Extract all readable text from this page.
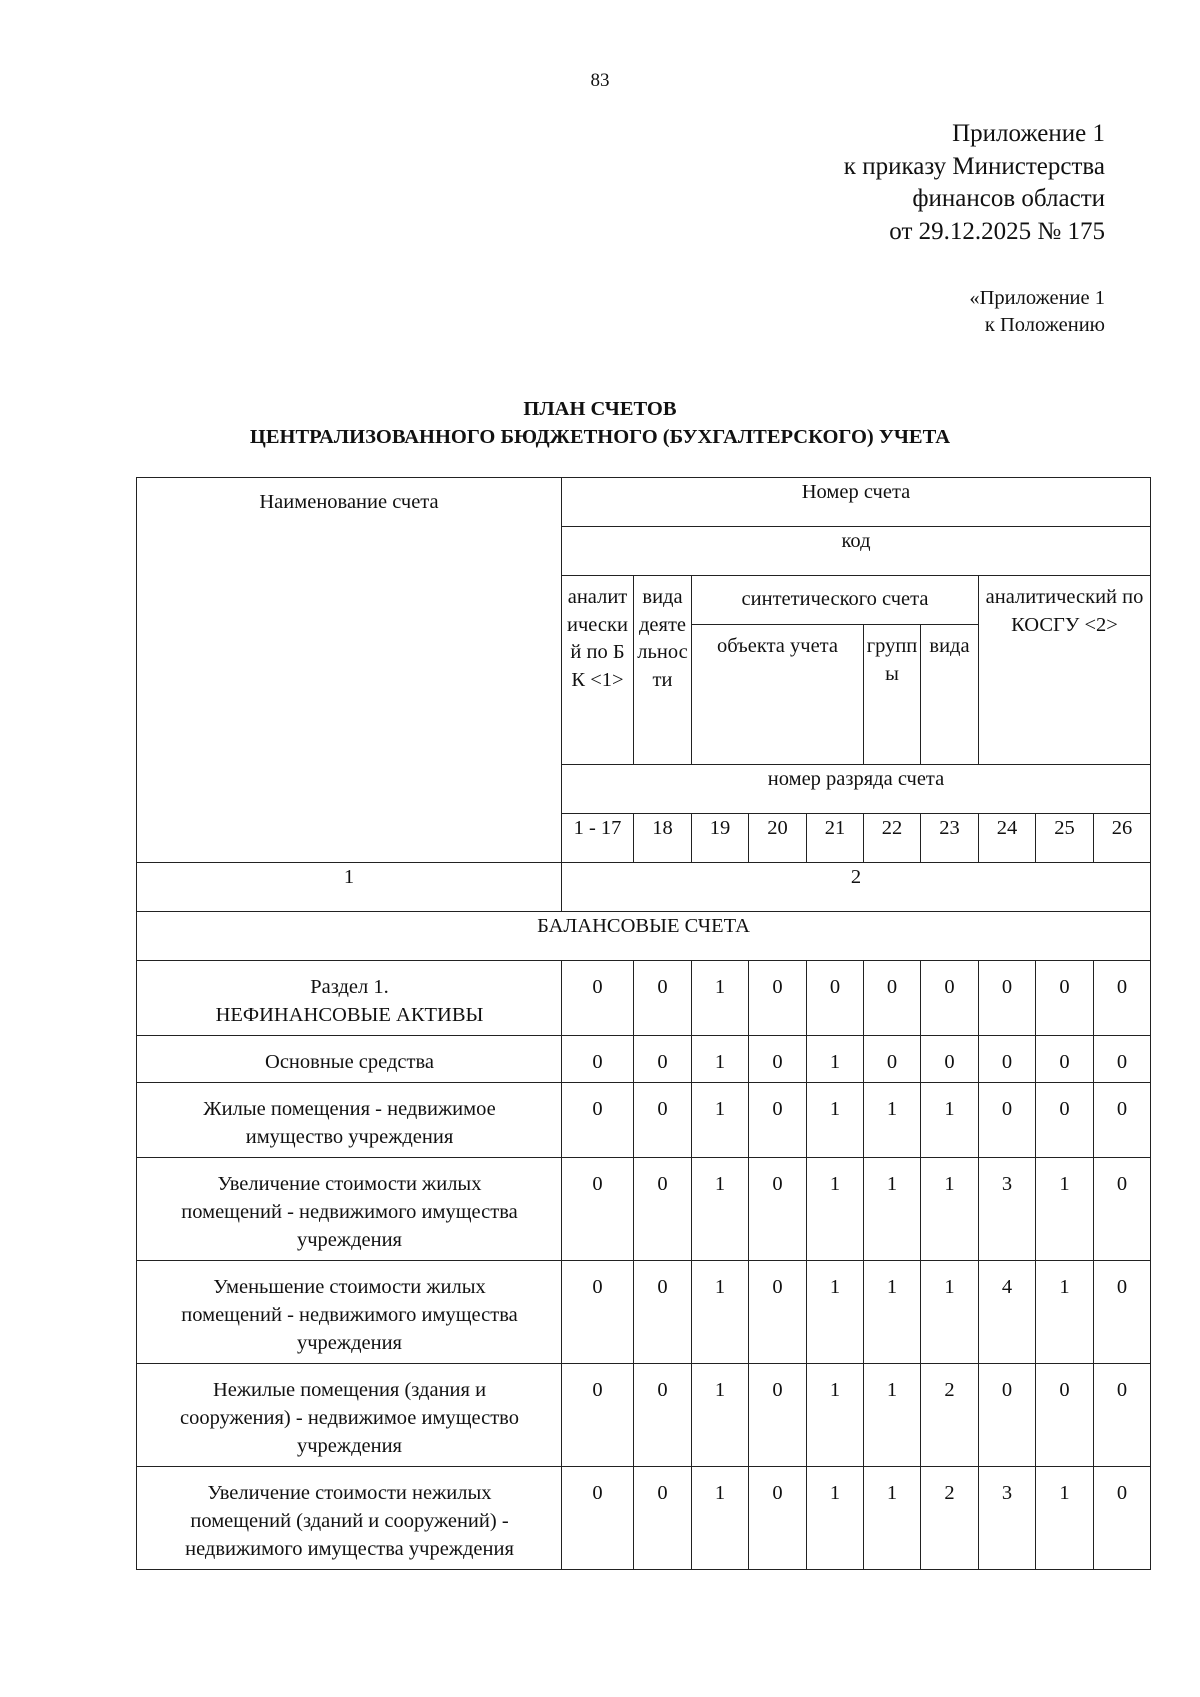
83
Приложение 1
к приказу Министерства
финансов области
от 29.12.2025 № 175
«Приложение 1
к Положению
ПЛАН СЧЕТОВ
ЦЕНТРАЛИЗОВАННОГО БЮДЖЕТНОГО (БУХГАЛТЕРСКОГО) УЧЕТА
Наименование счета	Номер счета									
	код									
	аналитический по БК <1>	вида деятельности	синтетического счета					аналитический по КОСГУ <2>		
			объекта учета			группы	вида			
	номер разряда счета									
	1 - 17	18	19	20	21	22	23	24	25	26
1	2									
БАЛАНСОВЫЕ СЧЕТА										

Раздел 1.
НЕФИНАНСОВЫЕ АКТИВЫ	0	0	1	0	0	0	0	0	0	0

Основные средства	0	0	1	0	1	0	0	0	0	0

Жилые помещения - недвижимое
имущество учреждения	0	0	1	0	1	1	1	0	0	0

Увеличение стоимости жилых
помещений - недвижимого имущества
учреждения	0	0	1	0	1	1	1	3	1	0

Уменьшение стоимости жилых
помещений - недвижимого имущества
учреждения	0	0	1	0	1	1	1	4	1	0

Нежилые помещения (здания и
сооружения) - недвижимое имущество
учреждения	0	0	1	0	1	1	2	0	0	0

Увеличение стоимости нежилых
помещений (зданий и сооружений) -
недвижимого имущества учреждения	0	0	1	0	1	1	2	3	1	0
